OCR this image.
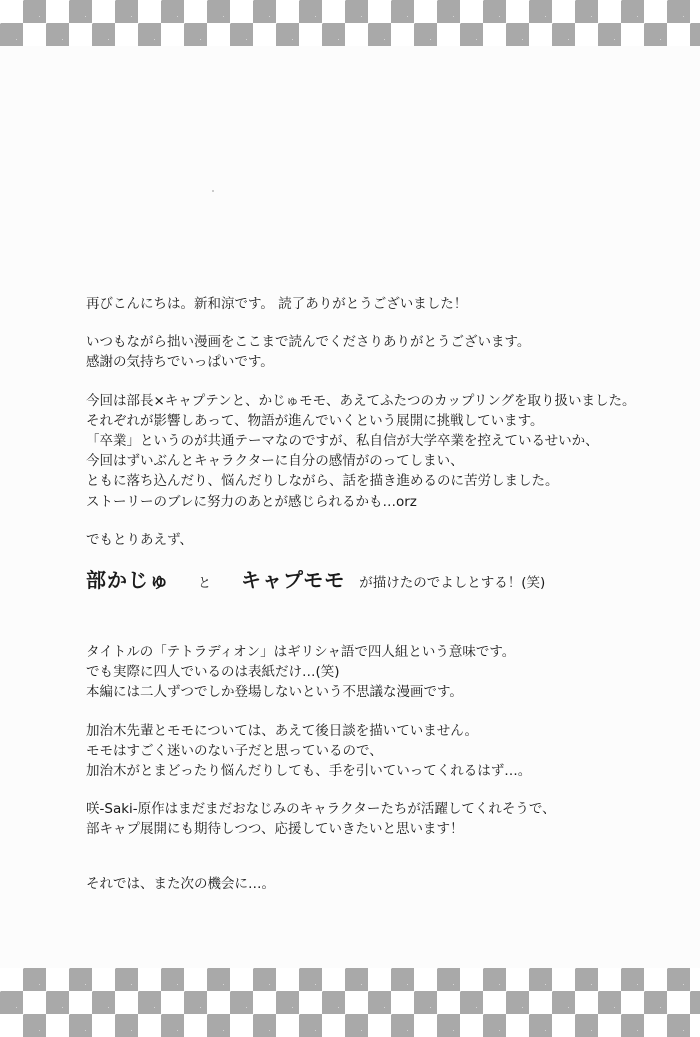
再びこんにちは。新和涼です。 読了ありがとうございました！

いつもながら拙い漫画をここまで読んでくださりありがとうございます。
感謝の気持ちでいっぱいです。

今回は部長×キャプテンと、かじゅモモ、あえてふたつのカップリングを取り扱いました。
それぞれが影響しあって、物語が進んでいくという展開に挑戦しています。
「卒業」というのが共通テーマなのですが、私自信が大学卒業を控えているせいか、
今回はずいぶんとキャラクターに自分の感情がのってしまい、
ともに落ち込んだり、悩んだりしながら、話を描き進めるのに苦労しました。
ストーリーのブレに努力のあとが感じられるかも…orz

でもとりあえず、

部かじゅ と キャプモモ が描けたのでよしとする！(笑)

タイトルの「テトラディオン」はギリシャ語で四人組という意味です。
でも実際に四人でいるのは表紙だけ…(笑)
本編には二人ずつでしか登場しないという不思議な漫画です。

加治木先輩とモモについては、あえて後日談を描いていません。
モモはすごく迷いのない子だと思っているので、
加治木がとまどったり悩んだりしても、手を引いていってくれるはず…。

咲-Saki-原作はまだまだおなじみのキャラクターたちが活躍してくれそうで、
部キャプ展開にも期待しつつ、応援していきたいと思います！

それでは、また次の機会に…。
